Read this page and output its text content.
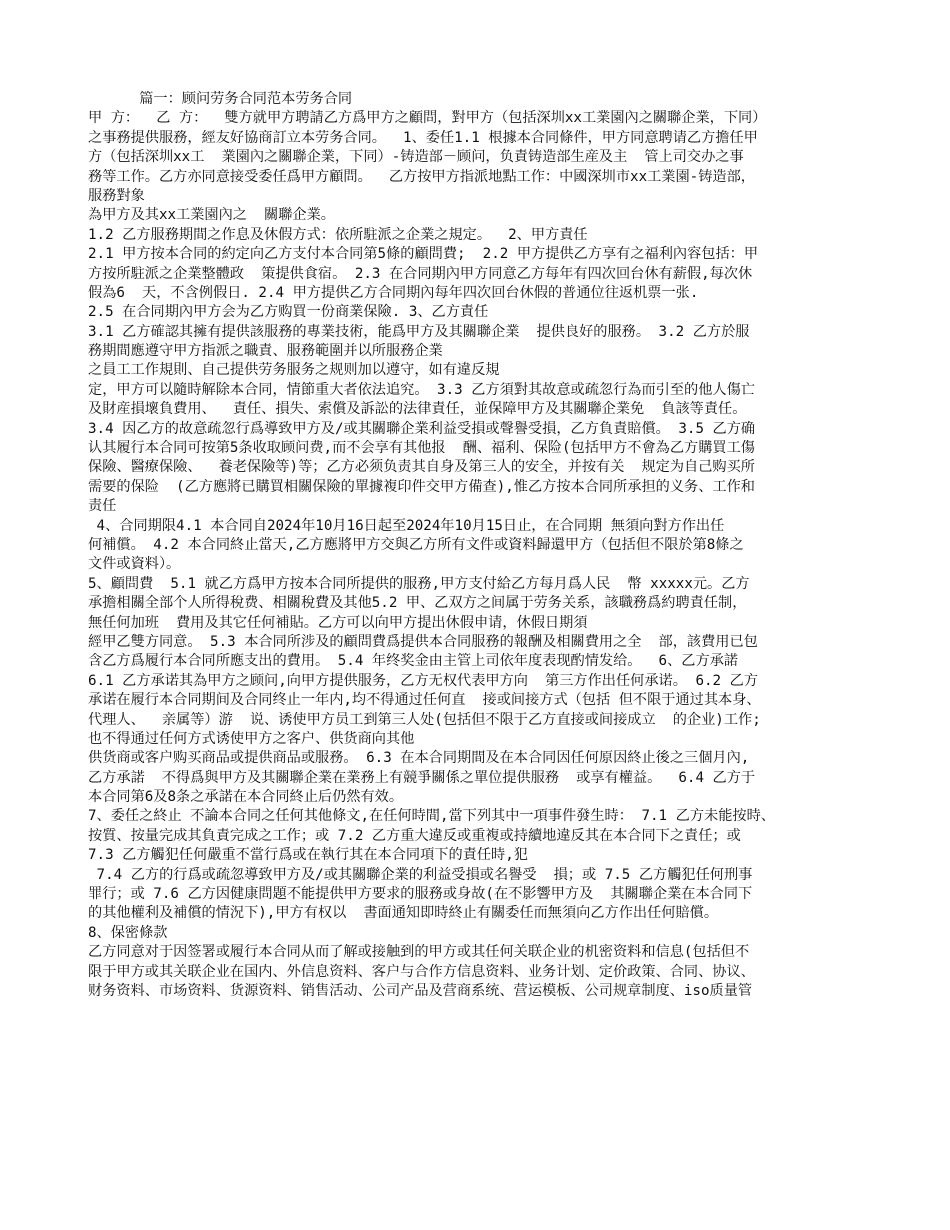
篇一：顾问劳务合同范本劳务合同
甲 方：  乙 方：  雙方就甲方聘請乙方爲甲方之顧問，對甲方（包括深圳xx工業園內之關聯企業，下同）
之事務提供服務，經友好協商訂立本劳务合同。  1、委任1.1 根據本合同條件，甲方同意聘请乙方擔任甲
方（包括深圳xx工  業園內之關聯企業，下同）-铸造部－顾问，负責铸造部生産及主  管上司交办之事
務等工作。乙方亦同意接受委任爲甲方顧問。  乙方按甲方指派地點工作：中國深圳市xx工業園-铸造部，
服務對象
為甲方及其xx工業園內之  關聯企業。
1.2 乙方服務期間之作息及休假方式：依所駐派之企業之規定。  2、甲方責任
2.1 甲方按本合同的約定向乙方支付本合同第5條的顧問費;  2.2 甲方提供乙方享有之福利內容包括：甲
方按所駐派之企業整體政  策提供食宿。 2.3 在合同期內甲方同意乙方每年有四次回台休有薪假,每次休
假為6  天，不含例假日. 2.4 甲方提供乙方合同期內每年四次回台休假的普通位往返机票一张.
2.5 在合同期內甲方会为乙方购買一份商業保險. 3、乙方責任
3.1 乙方確認其擁有提供該服務的專業技術，能爲甲方及其關聯企業  提供良好的服務。 3.2 乙方於服
務期間應遵守甲方指派之職責、服務範圍并以所服務企業
之員工工作規則、自己提供劳务服务之规则加以遵守，如有違反規
定，甲方可以隨時解除本合同，情節重大者依法追究。 3.3 乙方須對其故意或疏忽行為而引至的他人傷亡
及財産損壞負費用、  責任、損失、索償及訴訟的法律責任，並保障甲方及其關聯企業免  負該等責任。
3.4 因乙方的故意疏忽行爲導致甲方及/或其關聯企業利益受損或聲譽受損，乙方負責賠償。 3.5 乙方确
认其履行本合同可按第5条收取顾问费,而不会享有其他报  酬、福利、保险(包括甲方不會為乙方購買工傷
保險、醫療保險、  養老保險等)等；乙方必须负责其自身及第三人的安全，并按有关  规定为自己购买所
需要的保险  (乙方應將已購買相關保險的單據複印件交甲方備查),惟乙方按本合同所承担的义务、工作和
责任
4、合同期限4.1 本合同自2024年10月16日起至2024年10月15日止，在合同期 無須向對方作出任
何補償。 4.2 本合同終止當天,乙方應將甲方交與乙方所有文件或資料歸還甲方（包括但不限於第8條之
文件或資料）。
5、顧問費  5.1 就乙方爲甲方按本合同所提供的服務,甲方支付給乙方每月爲人民  幣 xxxxx元。乙方
承擔相關全部个人所得稅费、相關稅費及其他5.2 甲、乙双方之间属于劳务关系，該職務爲約聘責任制，
無任何加班  費用及其它任何補貼。乙方可以向甲方提出休假申请，休假日期須
經甲乙雙方同意。 5.3 本合同所涉及的顧問費爲提供本合同服務的報酬及相關費用之全  部，該費用已包
含乙方爲履行本合同所應支出的費用。 5.4 年终奖金由主管上司依年度表现酌情发给。  6、乙方承諾
6.1 乙方承诺其為甲方之顾问,向甲方提供服务，乙方无权代表甲方向  第三方作出任何承诺。 6.2 乙方
承诺在履行本合同期间及合同终止一年内,均不得通过任何直  接或间接方式（包括 但不限于通过其本身、
代理人、  亲属等）游  说、诱使甲方员工到第三人处(包括但不限于乙方直接或间接成立  的企业)工作;
也不得通过任何方式诱使甲方之客户、供货商向其他
供货商或客户购买商品或提供商品或服務。 6.3 在本合同期間及在本合同因任何原因終止後之三個月內,
乙方承諾  不得爲與甲方及其關聯企業在業務上有競爭關係之單位提供服務  或享有權益。  6.4 乙方于
本合同第6及8条之承諾在本合同終止后仍然有效。
7、委任之終止 不論本合同之任何其他條文,在任何時間,當下列其中一項事件發生時： 7.1 乙方未能按時、
按質、按量完成其負責完成之工作；或 7.2 乙方重大違反或重複或持續地違反其在本合同下之責任；或
7.3 乙方觸犯任何嚴重不當行爲或在執行其在本合同項下的責任時,犯
7.4 乙方的行爲或疏忽導致甲方及/或其關聯企業的利益受損或名譽受  損；或 7.5 乙方觸犯任何刑事
罪行；或 7.6 乙方因健康問題不能提供甲方要求的服務或身故(在不影響甲方及  其關聯企業在本合同下
的其他權利及補償的情況下),甲方有权以  書面通知即時終止有關委任而無須向乙方作出任何賠償。
8、保密條款
乙方同意对于因签署或履行本合同从而了解或接触到的甲方或其任何关联企业的机密资料和信息(包括但不
限于甲方或其关联企业在国内、外信息资料、客户与合作方信息资料、业务计划、定价政策、合同、协议、
财务资料、市场资料、货源资料、销售活动、公司产品及营商系统、营运模板、公司规章制度、iso质量管
